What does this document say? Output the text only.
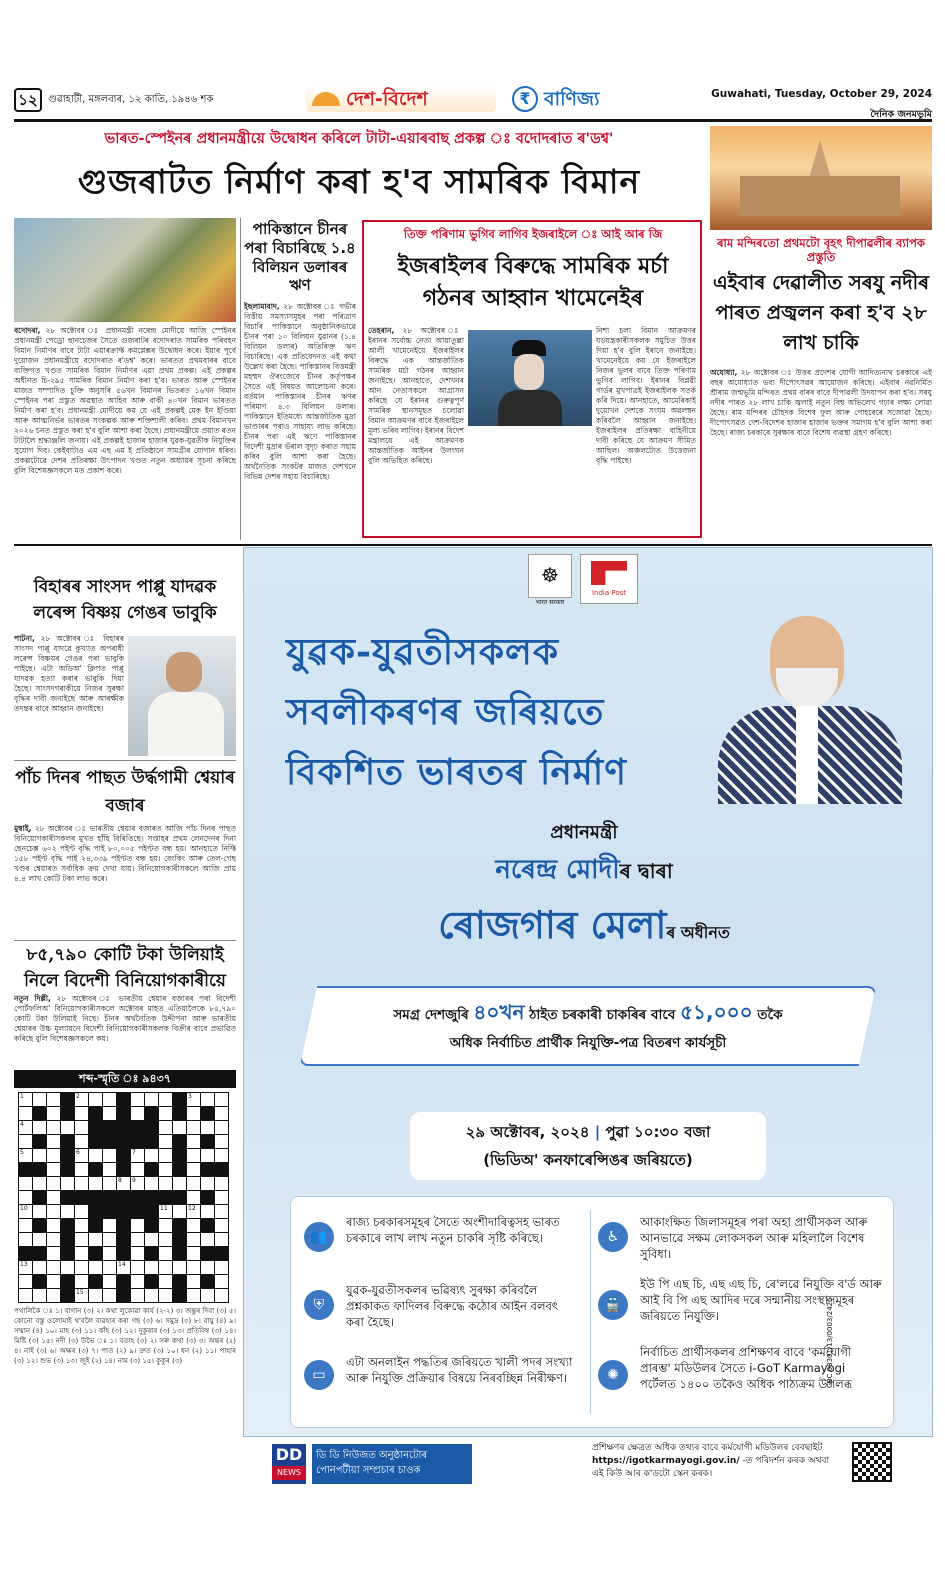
১২	গুৱাহাটী, মঙ্গলবাৰ, ১২ কাতি, ১৯৪৬ শক	দেশ-বিদেশ	₹ বাণিজ্য	Guwahati, Tuesday, October 29, 2024
দৈনিক জনমভূমি
ভাৰত-স্পেইনৰ প্ৰধানমন্ত্ৰীয়ে উদ্বোধন কৰিলে টাটা-এয়াৰবাছ প্ৰকল্প ঃ বদোদৰাত ৰ'ডশ্ব'
গুজৰাটত নিৰ্মাণ কৰা হ'ব সামৰিক বিমান
বদোদৰা, ২৮ অক্টোবৰ ঃ প্ৰধানমন্ত্ৰী নৰেন্দ্ৰ মোদীয়ে আজি স্পেইনৰ প্ৰধানমন্ত্ৰী পেড্ৰো ছানচেজৰ সৈতে গুজৰাটৰ বদোদৰাত সামৰিক পৰিবহন বিমান নিৰ্মাণৰ বাবে টাটা এয়াৰক্ৰাফ্ট কমপ্লেক্সৰ উদ্বোধন কৰে। ইয়াৰ পূৰ্বে দুয়োজন প্ৰধানমন্ত্ৰীয়ে বদোদৰাত ৰ'ডশ্ব' কৰে। ভাৰতত প্ৰথমবাৰৰ বাবে ব্যক্তিগত খণ্ডত সামৰিক বিমান নিৰ্মাণৰ এয়া প্ৰথম প্ৰকল্প। এই প্ৰকল্পৰ অধীনত চি-২৯৫ সামৰিক বিমান নিৰ্মাণ কৰা হ'ব। ভাৰত আৰু স্পেইনৰ মাজত সম্পাদিত চুক্তি অনুসৰি ৫৬খন বিমানৰ ভিতৰত ১৬খন বিমান স্পেইনৰ পৰা প্ৰস্তুত অৱস্থাত আহিব আৰু বাকী ৪০খন বিমান ভাৰতত নিৰ্মাণ কৰা হ'ব। প্ৰধানমন্ত্ৰী মোদীয়ে কয় যে এই প্ৰকল্পই মেক ইন ইণ্ডিয়া আৰু আত্মনিৰ্ভৰ ভাৰতৰ সংকল্পক আৰু শক্তিশালী কৰিব। প্ৰথম বিমানখন ২০২৬ চনত প্ৰস্তুত কৰা হ'ব বুলি আশা কৰা হৈছে। প্ৰধানমন্ত্ৰীয়ে প্ৰয়াত ৰতন টাটালৈ শ্ৰদ্ধাঞ্জলি জনায়। এই প্ৰকল্পই হাজাৰ হাজাৰ যুৱক-যুৱতীক নিযুক্তিৰ সুযোগ দিব। কেইবাটাও এম এছ এম ই প্ৰতিষ্ঠানে সামগ্ৰীৰ যোগান ধৰিব। প্ৰকল্পটোৱে দেশৰ প্ৰতিৰক্ষা উৎপাদন খণ্ডত নতুন অধ্যায়ৰ সূচনা কৰিছে বুলি বিশেষজ্ঞসকলে মত প্ৰকাশ কৰে।
পাকিস্তানে চীনৰ পৰা বিচাৰিছে ১.৪ বিলিয়ন ডলাৰৰ ঋণ
ইছলামাবাদ, ২৮ অক্টোবৰ ঃ গভীৰ বিত্তীয় সমস্যাসমূহৰ পৰা পৰিত্ৰাণ বিচাৰি পাকিস্তানে অনুষ্ঠানিকভাৱে চীনৰ পৰা ১০ বিলিয়ন যুৱানৰ (১.৪ বিলিয়ন ডলাৰ) অতিৰিক্ত ঋণ বিচাৰিছে। এক প্ৰতিবেদনত এই কথা উল্লেখ কৰা হৈছে। পাকিস্তানৰ বিত্তমন্ত্ৰী মহম্মদ ঔৰংজেবে চীনৰ কৰ্তৃপক্ষৰ সৈতে এই বিষয়ত আলোচনা কৰে। বৰ্তমান পাকিস্তানৰ চীনৰ ঋণৰ পৰিমাণ ৪.৩ বিলিয়ন ডলাৰ। পাকিস্তানে ইতিমধ্যে আন্তৰ্জাতিক মুদ্ৰা ভাণ্ডাৰৰ পৰাও সাহায্য লাভ কৰিছে। চীনৰ পৰা এই ঋণে পাকিস্তানৰ বিদেশী মুদ্ৰাৰ ভঁৰাল সুদৃঢ় কৰাত সহায় কৰিব বুলি আশা কৰা হৈছে। অৰ্থনৈতিক সংকটৰ মাজত দেশখনে বিভিন্ন দেশৰ সহায় বিচাৰিছে।
তিক্ত পৰিণাম ভুগিব লাগিব ইজৰাইলে ঃ আই আৰ জি
ইজৰাইলৰ বিৰুদ্ধে সামৰিক মৰ্চা গঠনৰ আহ্বান খামেনেইৰ
তেহৰান, ২৮ অক্টোবৰ ঃ ইৰানৰ সৰ্বোচ্চ নেতা আয়াতুল্লা আলী খামেনেইয়ে ইজৰাইলৰ বিৰুদ্ধে এক আন্তৰ্জাতিক সামৰিক মৰ্চা গঠনৰ আহ্বান জনাইছে। আনহাতে, দেশখনৰ আন নেতাসকলে আগ্ৰাসন কৰিছে যে ইৰানৰ গুৰুত্বপূৰ্ণ সামৰিক স্থানসমূহত চলোৱা বিমান আক্ৰমণৰ বাবে ইজৰাইলে মূল্য ভৰিব লাগিব। ইৰানৰ বিদেশ মন্ত্ৰালয়ে এই আক্ৰমণক আন্তৰ্জাতিক আইনৰ উলংঘন বুলি অভিহিত কৰিছে।
নিশা চলা বিমান আক্ৰমণৰ যড়যন্ত্ৰকাৰীসকলক সমুচিত উত্তৰ দিয়া হ'ব বুলি ইৰানে জনাইছে। খামেনেইয়ে কয় যে ইজৰাইলে নিজৰ ভুলৰ বাবে তিক্ত পৰিণাম ভুগিব লাগিব। ইৰানৰ বিপ্লৱী গাৰ্ডৰ মুখপাত্ৰই ইজৰাইলক সতৰ্ক কৰি দিয়ে। আনহাতে, আমেৰিকাই দুয়োখন দেশকে সংযম অৱলম্বন কৰিবলৈ আহ্বান জনাইছে। ইজৰাইলৰ প্ৰতিৰক্ষা বাহিনীয়ে দাবী কৰিছে যে আক্ৰমণ সীমিত আছিল। অঞ্চলটোত উত্তেজনা বৃদ্ধি পাইছে।
ৰাম মন্দিৰতো প্ৰথমটো বৃহৎ দীপাৱলীৰ ব্যাপক প্ৰস্তুতি
এইবাৰ দেৱালীত সৰযু নদীৰ পাৰত প্ৰজ্বলন কৰা হ'ব ২৮ লাখ চাকি
অযোধ্যা, ২৮ অক্টোবৰ ঃ উত্তৰ প্ৰদেশৰ যোগী আদিত্যনাথ চৰকাৰে এই বছৰ অযোধ্যাত ভব্য দীপোৎসৱৰ আয়োজন কৰিছে। এইবাৰ নৱনিৰ্মিত শ্ৰীৰাম জন্মভূমি মন্দিৰত প্ৰথম বাৰৰ বাবে দীপাৱলী উদযাপন কৰা হ'ব। সৰযু নদীৰ পাৰত ২৮ লাখ চাকি জ্বলাই নতুন বিশ্ব অভিলেখ গঢ়াৰ লক্ষ্য লোৱা হৈছে। ৰাম মন্দিৰৰ চৌহদক বিশেষ ফুল আৰু পোহৰেৰে সজোৱা হৈছে। দীপোৎসৱত দেশ-বিদেশৰ হাজাৰ হাজাৰ ভক্তৰ সমাগম হ'ব বুলি আশা কৰা হৈছে। ৰাজ্য চৰকাৰে সুৰক্ষাৰ বাবে বিশেষ ব্যৱস্থা গ্ৰহণ কৰিছে।
বিহাৰৰ সাংসদ পাপ্পু যাদৱক লৰেন্স বিষ্ণয় গেঙৰ ভাবুকি
পাটনা, ২৮ অক্টোবৰ ঃ বিহাৰৰ সাংসদ পাপ্পু যাদৱে কুখ্যাত অপৰাধী লৰেন্স বিষ্ণয়ৰ গেঙৰ পৰা ভাবুকি পাইছে। এটা অডিঅ' ক্লিপত পাপ্পু যাদৱক হত্যা কৰাৰ ভাবুকি দিয়া হৈছে। সাংসদগৰাকীয়ে নিজৰ সুৰক্ষা বৃদ্ধিৰ দাবী জনাইছে আৰু আৰক্ষীক তদন্তৰ বাবে আহ্বান জনাইছে।
পাঁচ দিনৰ পাছত উৰ্দ্ধগামী শ্বেয়াৰ বজাৰ
মুম্বাই, ২৮ অক্টোবৰ ঃ ভাৰতীয় শ্বেয়াৰ বজাৰত আজি পাঁচ দিনৰ পাছত বিনিয়োগকাৰীসকলৰ মুখত হাঁহি বিৰিঙিছে। সপ্তাহৰ প্ৰথম লেনদেনৰ দিনা ছেনচেক্স ৬০২ পইণ্ট বৃদ্ধি পাই ৮০,০০৫ পইণ্টত বন্ধ হয়। আনহাতে নিফ্টি ১৫৮ পইণ্ট বৃদ্ধি পাই ২৪,৩৩৯ পইণ্টত বন্ধ হয়। বেংকিং আৰু তেল-গেছ খণ্ডৰ শ্বেয়াৰত সৰ্বাধিক ক্ৰয় দেখা যায়। বিনিয়োগকাৰীসকলে আজি প্ৰায় ৪.৪ লাখ কোটি টকা লাভ কৰে।
৮৫,৭৯০ কোটি টকা উলিয়াই নিলে বিদেশী বিনিয়োগকাৰীয়ে
নতুন দিল্লী, ২৮ অক্টোবৰ ঃ ভাৰতীয় শ্বেয়াৰ বজাৰৰ পৰা বিদেশী পোৰ্টফলিঅ' বিনিয়োগকাৰীসকলে অক্টোবৰ মাহত এতিয়ালৈকে ৮৫,৭৯০ কোটি টকা উলিয়াই নিছে। চীনৰ অৰ্থনৈতিক উদ্দীপনা আৰু ভাৰতীয় শ্বেয়াৰৰ উচ্চ মূল্যায়নে বিদেশী বিনিয়োগকাৰীসকলক বিক্ৰীৰ বাবে প্ৰভাৱিত কৰিছে বুলি বিশেষজ্ঞসকলে কয়।
শব্দ-স্মৃতি ঃ ৯৪৩৭
1	2	3
4
5	6	7
8	9
10	11	12
13	14
15
পথালিকৈ ঃ ১। বাগান (৩) ২। কথা লুকোৱা কাৰ্য (২-২) ৩। জন্তুৰ দিবা (৩) ৫। কোনো বস্তু ওলোমাই থ'বলৈ ব্যৱহাৰ কৰা গছ (৩) ৬। সমুদ্ৰ (৩) ৮। বায়ু (৪) ৯। সম্মান (৪) ১০। মাহ (৩) ১১। কাঁহ (৩) ১২। দুকুৰাৰ (৩) ১৩। প্ৰতিবিম্ব (৩) ১৪। মিষ্টি (৩) ১৫। নদী (৩) উভৈ ঃ ১। বতাহ (৩) ২। সৰু কথা (৩) ৩। অন্তৰ (২) ৪। নাই (৩) ৬। অক্ষৰ (৩) ৭। পাত (২) ৯। দ্ৰুত (৩) ১০। ধন (২) ১১। পাহাৰ (৩) ১২। শুভ (৩) ১৩। জুই (২) ১৪। নাম (৩) ১৫। কুকুৰ (৩)
☸
भारत सरकार
India Post
যুৱক-যুৱতীসকলক
সবলীকৰণৰ জৰিয়তে
বিকশিত ভাৰতৰ নিৰ্মাণ
প্ৰধানমন্ত্ৰী
নৰেন্দ্ৰ মোদীৰ দ্বাৰা
ৰোজগাৰ মেলাৰ অধীনত
সমগ্ৰ দেশজুৰি ৪০খন ঠাইত চৰকাৰী চাকৰিৰ বাবে ৫১,০০০ তকৈ
অধিক নিৰ্বাচিত প্ৰাৰ্থীক নিযুক্তি-পত্ৰ বিতৰণ কাৰ্যসূচী
২৯ অক্টোবৰ, ২০২৪ | পুৱা ১০:৩০ বজা
(ভিডিঅ' কনফাৰেন্সিঙৰ জৰিয়তে)
👥
ৰাজ্য চৰকাৰসমূহৰ সৈতে অংশীদাৰিত্বসহ ভাৰত চৰকাৰে লাখ লাখ নতুন চাকৰি সৃষ্টি কৰিছে।
⛨
যুৱক-যুৱতীসকলৰ ভৱিষ্যৎ সুৰক্ষা কৰিবলৈ প্ৰশ্নকাকত ফাদিলৰ বিৰুদ্ধে কঠোৰ আইন বলবৎ কৰা হৈছে।
▭
এটা অনলাইন পদ্ধতিৰ জৰিয়তে খালী পদৰ সংখ্যা আৰু নিযুক্তি প্ৰক্ৰিয়াৰ বিষয়ে নিৰবচ্ছিন্ন নিৰীক্ষণ।
♿
আকাংক্ষিত জিলাসমূহৰ পৰা অহা প্ৰাৰ্থীসকল আৰু আনভাৱে সক্ষম লোকসকল আৰু মহিলালৈ বিশেষ সুবিধা।
🚆
ইউ পি এছ চি, এছ এছ চি, ৰে'লৱে নিযুক্তি ব'ৰ্ড আৰু আই বি পি এছ আদিৰ দৰে সন্মানীয় সংস্থাসমূহৰ জৰিয়তে নিযুক্তি।
✺
নিৰ্বাচিত প্ৰাৰ্থীসকলৰ প্ৰশিক্ষণৰ বাবে 'কৰ্মযোগী প্ৰাৰম্ভ' মডিউলৰ সৈতে i-GoT Karmayogi পৰ্টেলত ১৪০০ তকৈও অধিক পাঠ্যক্ৰম উপলব্ধ
CBC 08301/13/0003/2425
DD
NEWS
ডি ডি নিউজত অনুষ্ঠানটোৰ পোনপটীয়া সম্প্ৰচাৰ চাওক
প্ৰশিক্ষণৰ ক্ষেত্ৰত অধিক তথ্যৰ বাবে কৰ্মযোগী মডিউলৰ বেবছাইট
https://igotkarmayogi.gov.in/ -ত পৰিদৰ্শন কৰক অথবা
এই কিউ আৰ ক'ডটো স্কেন কৰক।
